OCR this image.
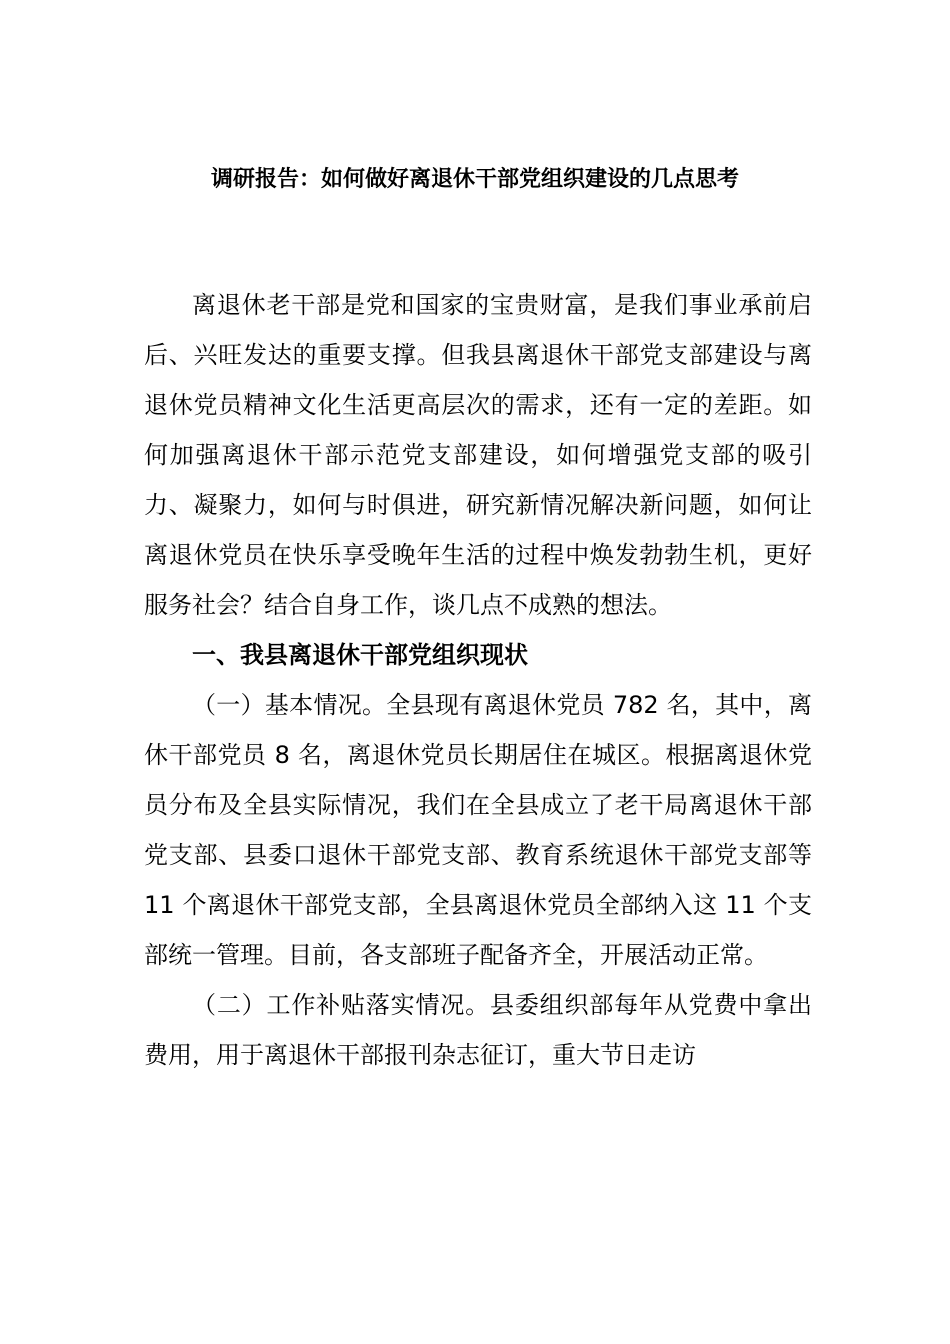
调研报告：如何做好离退休干部党组织建设的几点思考

离退休老干部是党和国家的宝贵财富，是我们事业承前启后、兴旺发达的重要支撑。但我县离退休干部党支部建设与离退休党员精神文化生活更高层次的需求，还有一定的差距。如何加强离退休干部示范党支部建设，如何增强党支部的吸引力、凝聚力，如何与时俱进，研究新情况解决新问题，如何让离退休党员在快乐享受晚年生活的过程中焕发勃勃生机，更好服务社会？结合自身工作，谈几点不成熟的想法。

一、我县离退休干部党组织现状

（一）基本情况。全县现有离退休党员 782 名，其中，离休干部党员 8 名，离退休党员长期居住在城区。根据离退休党员分布及全县实际情况，我们在全县成立了老干局离退休干部党支部、县委口退休干部党支部、教育系统退休干部党支部等 11 个离退休干部党支部，全县离退休党员全部纳入这 11 个支部统一管理。目前，各支部班子配备齐全，开展活动正常。

（二）工作补贴落实情况。县委组织部每年从党费中拿出费用，用于离退休干部报刊杂志征订，重大节日走访
